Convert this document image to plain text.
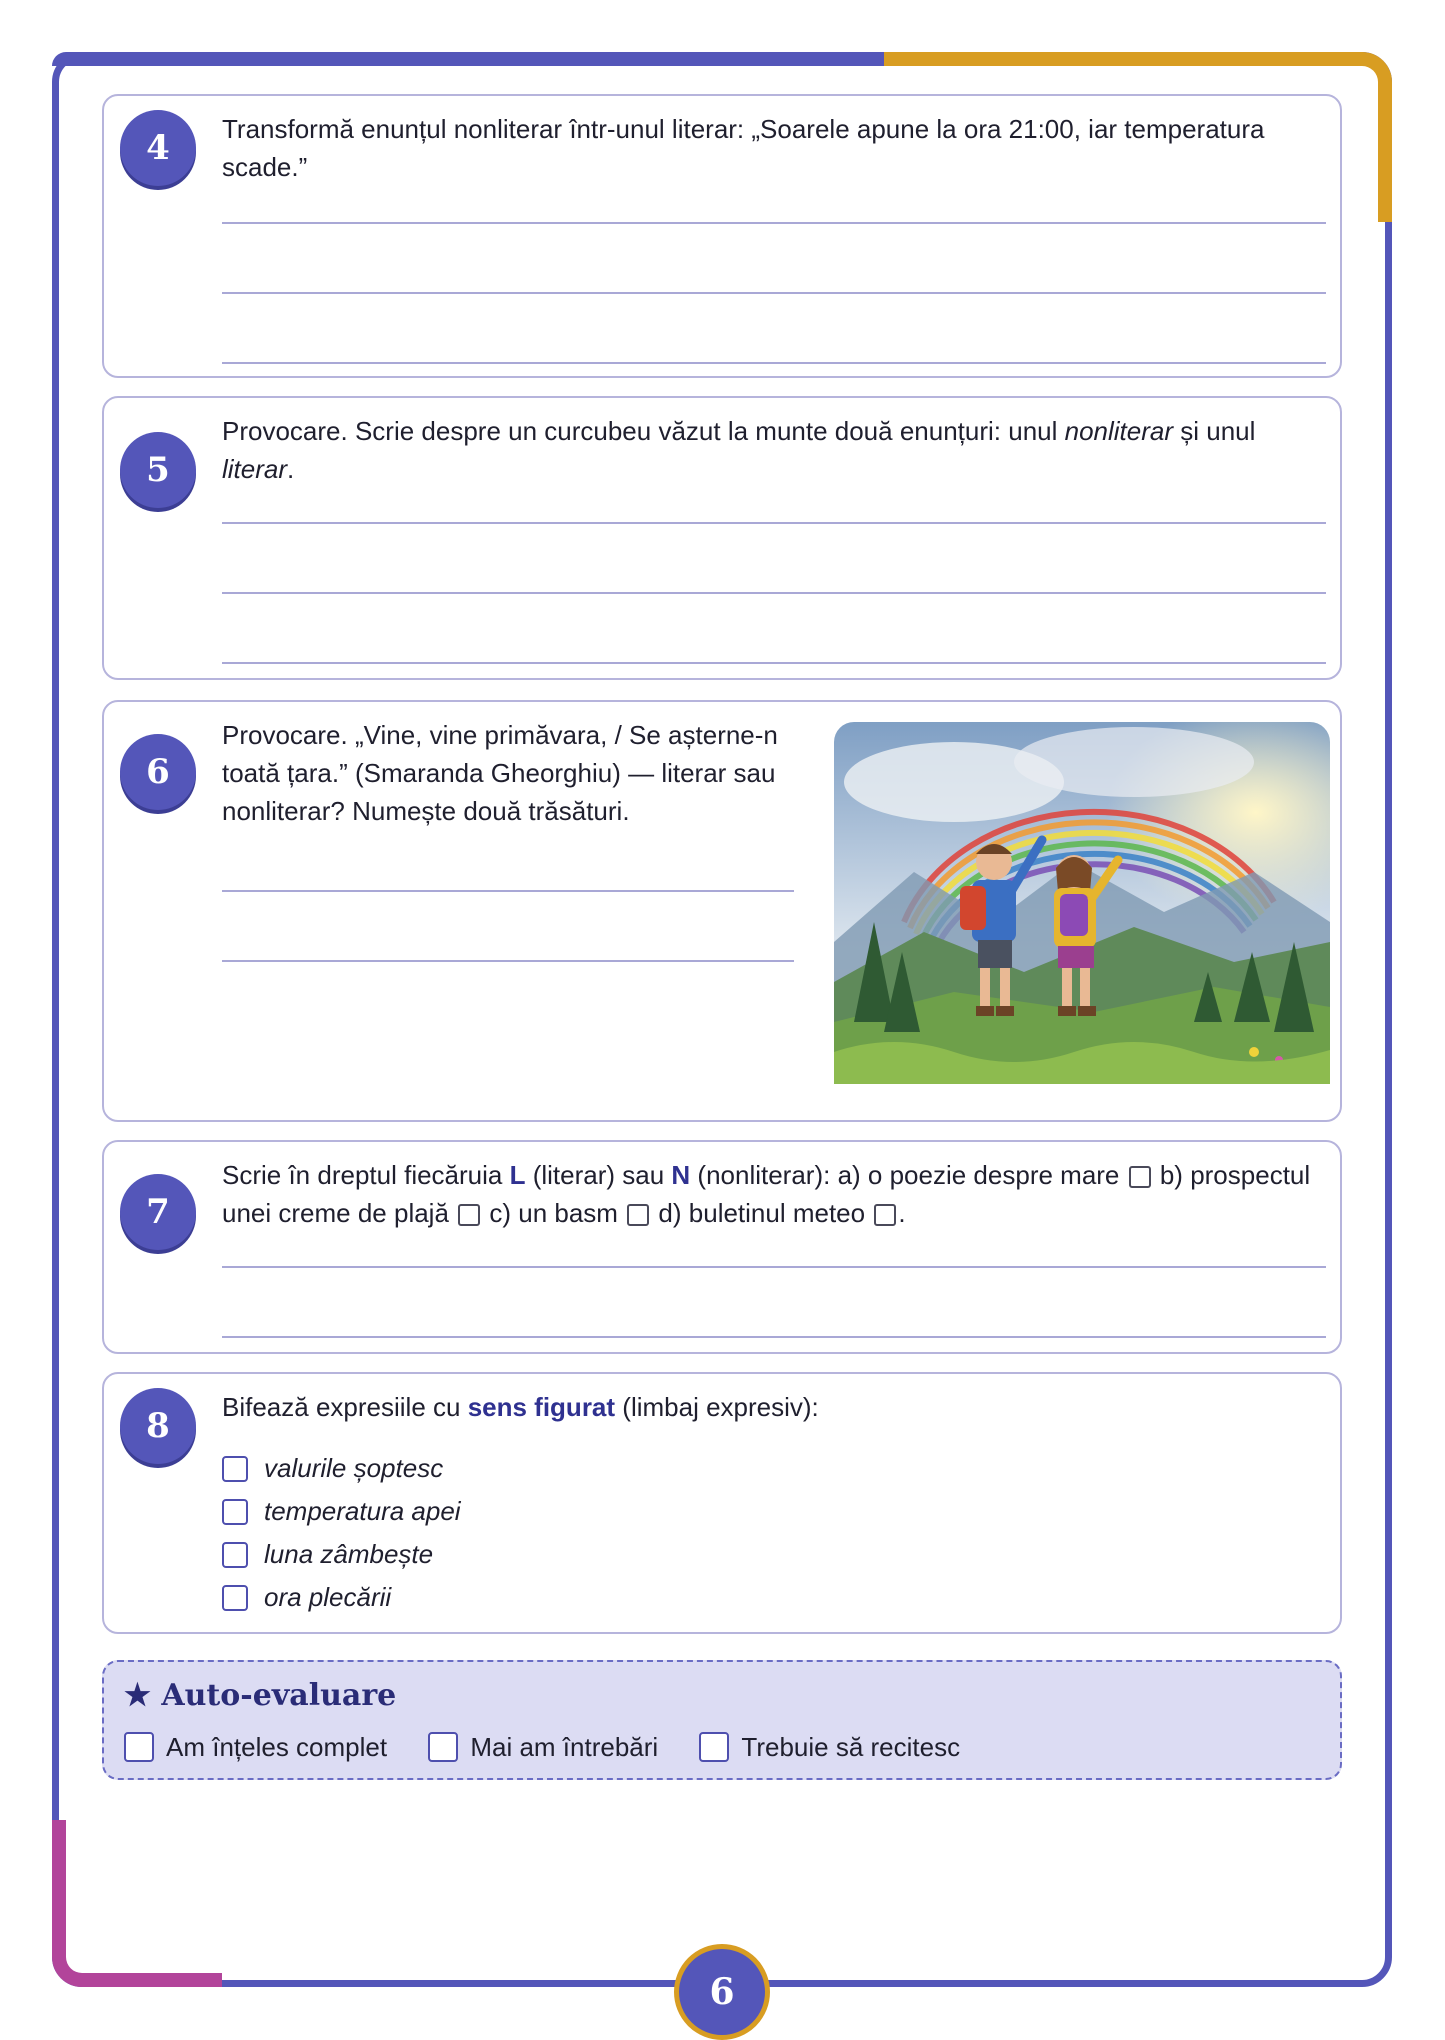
4	Transformă enunțul nonliterar într-unul literar: „Soarele apune la ora 21:00, iar temperatura scade.”
5
Provocare. Scrie despre un curcubeu văzut la munte două enunțuri: unul nonliterar și unul literar.
6
Provocare. „Vine, vine primăvara, / Se așterne-n toată țara.” (Smaranda Gheorghiu) — literar sau nonliterar? Numește două trăsături.
7
Scrie în dreptul fiecăruia L (literar) sau N (nonliterar): a) o poezie despre mare  b) prospectul unei creme de plajă  c) un basm  d) buletinul meteo .
8	Bifează expresiile cu sens figurat (limbaj expresiv):
valurile șoptesc
temperatura apei
luna zâmbește
ora plecării
★ Auto-evaluare
Am înțeles complet	Mai am întrebări	Trebuie să recitesc
6
